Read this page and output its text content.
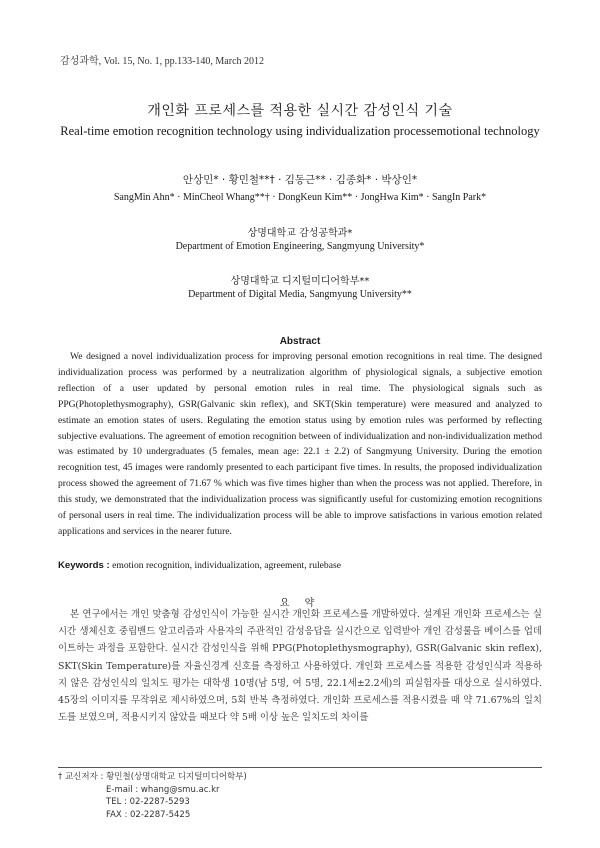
감성과학, Vol. 15, No. 1, pp.133-140, March 2012
개인화 프로세스를 적용한 실시간 감성인식 기술
Real-time emotion recognition technology using individualization processemotional technology
안상민* · 황민철**† · 김동근** · 김종화* · 박상인*
SangMin Ahn* · MinCheol Whang**† · DongKeun Kim** · JongHwa Kim* · SangIn Park*
상명대학교 감성공학과*
Department of Emotion Engineering, Sangmyung University*
상명대학교 디지털미디어학부**
Department of Digital Media, Sangmyung University**
Abstract

We designed a novel individualization process for improving personal emotion recognitions in real time. The designed individualization process was performed by a neutralization algorithm of physiological signals, a subjective emotion reflection of a user updated by personal emotion rules in real time. The physiological signals such as PPG(Photoplethysmography), GSR(Galvanic skin reflex), and SKT(Skin temperature) were measured and analyzed to estimate an emotion states of users. Regulating the emotion status using by emotion rules was performed by reflecting subjective evaluations. The agreement of emotion recognition between of individualization and non-individualization method was estimated by 10 undergraduates (5 females, mean age: 22.1 ± 2.2) of Sangmyung University. During the emotion recognition test, 45 images were randomly presented to each participant five times. In results, the proposed individualization process showed the agreement of 71.67 % which was five times higher than when the process was not applied. Therefore, in this study, we demonstrated that the individualization process was significantly useful for customizing emotion recognitions of personal users in real time. The individualization process will be able to improve satisfactions in various emotion related applications and services in the nearer future.

Keywords : emotion recognition, individualization, agreement, rulebase
요 약

본 연구에서는 개인 맞춤형 감성인식이 가능한 실시간 개인화 프로세스를 개발하였다. 설계된 개인화 프로세스는 실시간 생체신호 중립밴드 알고리즘과 사용자의 주관적인 감성응답을 실시간으로 입력받아 개인 감성룰을 베이스를 업데이트하는 과정을 포함한다. 실시간 감성인식을 위해 PPG(Photoplethysmography), GSR(Galvanic skin reflex), SKT(Skin Temperature)를 자율신경계 신호를 측정하고 사용하였다. 개인화 프로세스를 적용한 감성인식과 적용하지 않은 감성인식의 일치도 평가는 대학생 10명(남 5명, 여 5명, 22.1세±2.2세)의 피실험자를 대상으로 실시하였다. 45장의 이미지를 무작위로 제시하였으며, 5회 반복 측정하였다. 개인화 프로세스를 적용시켰을 때 약 71.67%의 일치도를 보였으며, 적용시키지 않았을 때보다 약 5배 이상 높은 일치도의 차이를

† 교신저자 : 황민철(상명대학교 디지털미디어학부)
E-mail : whang@smu.ac.kr
TEL : 02-2287-5293
FAX : 02-2287-5425
